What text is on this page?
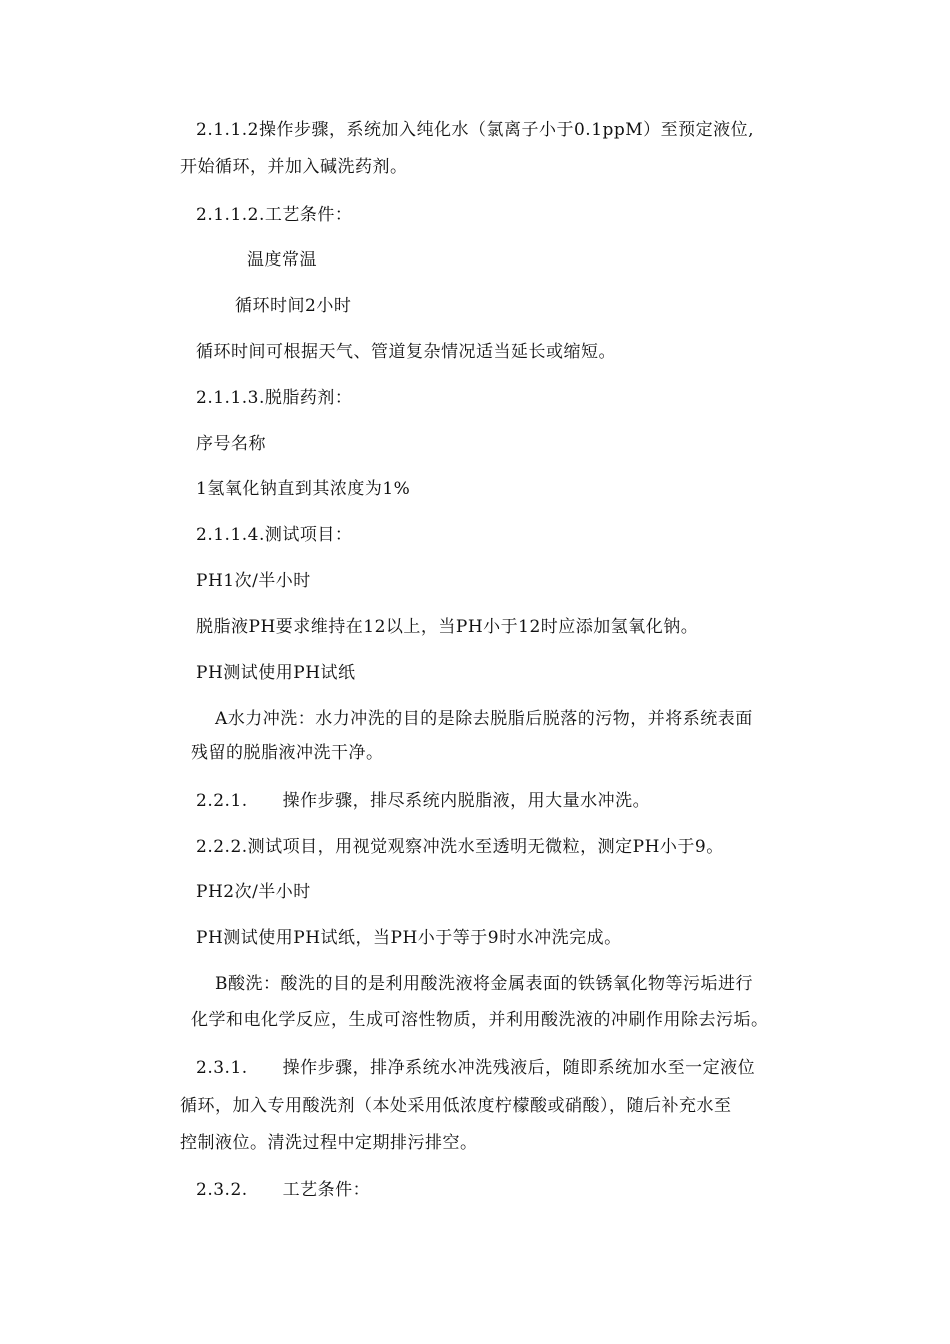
2.1.1.2操作步骤，系统加入纯化水（氯离子小于0.1ppM）至预定液位,
开始循环，并加入碱洗药剂。
2.1.1.2.工艺条件：
温度常温
循环时间2小时
循环时间可根据天气、管道复杂情况适当延长或缩短。
2.1.1.3.脱脂药剂：
序号名称
1氢氧化钠直到其浓度为1%
2.1.1.4.测试项目：
PH1次/半小时
脱脂液PH要求维持在12以上，当PH小于12时应添加氢氧化钠。
PH测试使用PH试纸
A水力冲洗：水力冲洗的目的是除去脱脂后脱落的污物，并将系统表面
残留的脱脂液冲洗干净。
2.2.1.　　操作步骤，排尽系统内脱脂液，用大量水冲洗。
2.2.2.测试项目，用视觉观察冲洗水至透明无微粒，测定PH小于9。
PH2次/半小时
PH测试使用PH试纸，当PH小于等于9时水冲洗完成。
B酸洗：酸洗的目的是利用酸洗液将金属表面的铁锈氧化物等污垢进行
化学和电化学反应，生成可溶性物质，并利用酸洗液的冲刷作用除去污垢。
2.3.1.　　操作步骤，排净系统水冲洗残液后，随即系统加水至一定液位
循环，加入专用酸洗剂（本处采用低浓度柠檬酸或硝酸），随后补充水至
控制液位。清洗过程中定期排污排空。
2.3.2.　　工艺条件：
